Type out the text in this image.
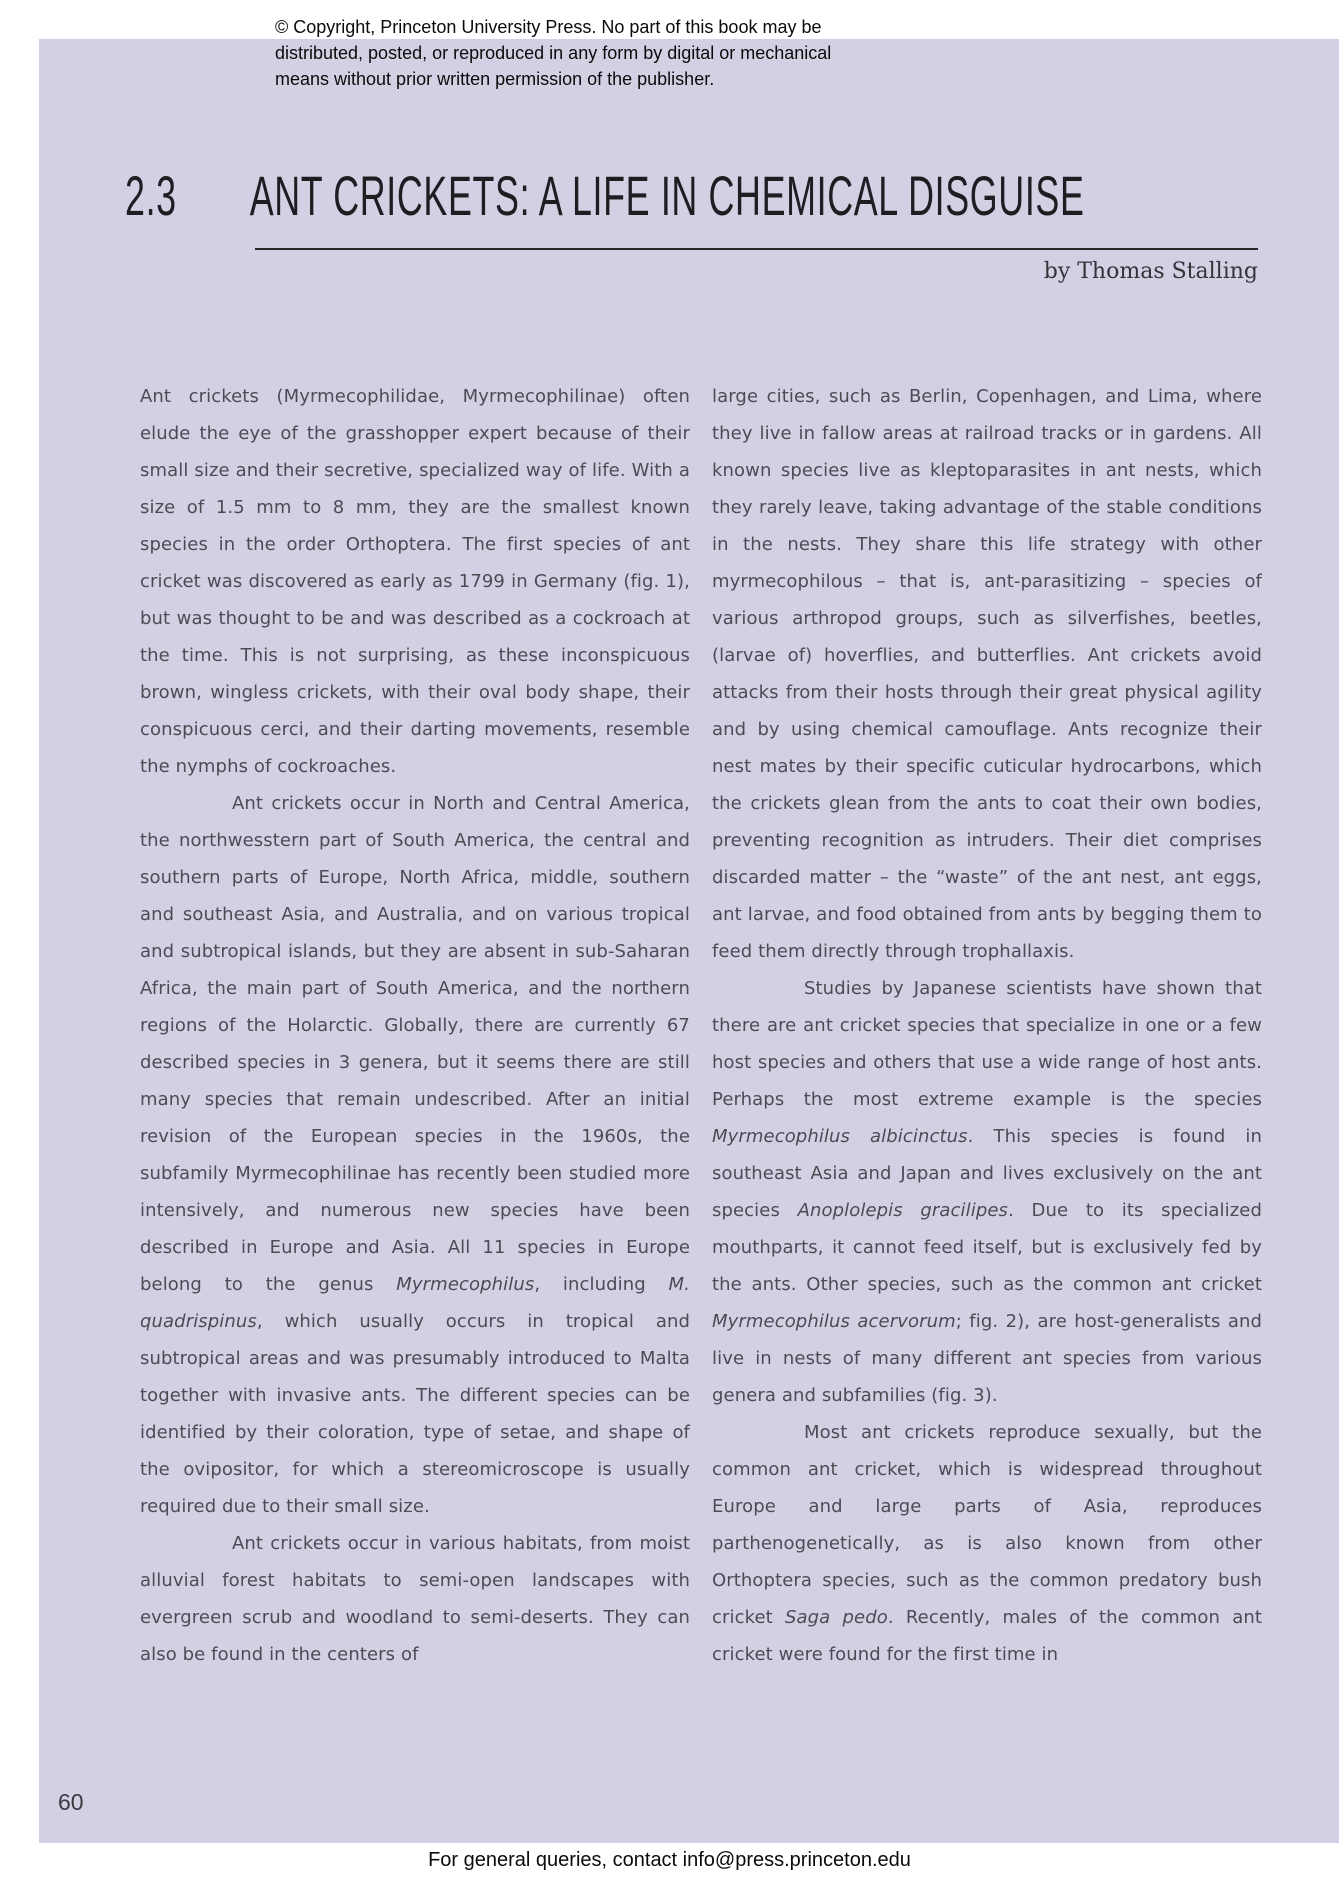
2.3 ANT CRICKETS: A LIFE IN CHEMICAL DISGUISE
by Thomas Stalling

Ant crickets (Myrmecophilidae, Myrmecophilinae) often elude the eye of the grasshopper expert because of their small size and their secretive, specialized way of life. With a size of 1.5 mm to 8 mm, they are the smallest known species in the order Orthoptera. The first species of ant cricket was discovered as early as 1799 in Germany (fig. 1), but was thought to be and was described as a cockroach at the time. This is not surprising, as these inconspicuous brown, wingless crickets, with their oval body shape, their conspicuous cerci, and their darting movements, resemble the nymphs of cockroaches.

Ant crickets occur in North and Central America, the northwesstern part of South America, the central and southern parts of Europe, North Africa, middle, southern and southeast Asia, and Australia, and on various tropical and subtropical islands, but they are absent in sub-Saharan Africa, the main part of South America, and the northern regions of the Holarctic. Globally, there are currently 67 described species in 3 genera, but it seems there are still many species that remain undescribed. After an initial revision of the European species in the 1960s, the subfamily Myrmecophilinae has recently been studied more intensively, and numerous new species have been described in Europe and Asia. All 11 species in Europe belong to the genus Myrmecophilus, including M. quadrispinus, which usually occurs in tropical and subtropical areas and was presumably introduced to Malta together with invasive ants. The different species can be identified by their coloration, type of setae, and shape of the ovipositor, for which a stereomicroscope is usually required due to their small size.

Ant crickets occur in various habitats, from moist alluvial forest habitats to semi-open landscapes with evergreen scrub and woodland to semi-deserts. They can also be found in the centers of

large cities, such as Berlin, Copenhagen, and Lima, where they live in fallow areas at railroad tracks or in gardens. All known species live as kleptoparasites in ant nests, which they rarely leave, taking advantage of the stable conditions in the nests. They share this life strategy with other myrmecophilous – that is, ant-parasitizing – species of various arthropod groups, such as silverfishes, beetles, (larvae of) hoverflies, and butterflies. Ant crickets avoid attacks from their hosts through their great physical agility and by using chemical camouflage. Ants recognize their nest mates by their specific cuticular hydrocarbons, which the crickets glean from the ants to coat their own bodies, preventing recognition as intruders. Their diet comprises discarded matter – the “waste” of the ant nest, ant eggs, ant larvae, and food obtained from ants by begging them to feed them directly through trophallaxis.

Studies by Japanese scientists have shown that there are ant cricket species that specialize in one or a few host species and others that use a wide range of host ants. Perhaps the most extreme example is the species Myrmecophilus albicinctus. This species is found in southeast Asia and Japan and lives exclusively on the ant species Anoplolepis gracilipes. Due to its specialized mouthparts, it cannot feed itself, but is exclusively fed by the ants. Other species, such as the common ant cricket Myrmecophilus acervorum; fig. 2), are host-generalists and live in nests of many different ant species from various genera and subfamilies (fig. 3).

Most ant crickets reproduce sexually, but the common ant cricket, which is widespread throughout Europe and large parts of Asia, reproduces parthenogenetically, as is also known from other Orthoptera species, such as the common predatory bush cricket Saga pedo. Recently, males of the common ant cricket were found for the first time in

60
© Copyright, Princeton University Press. No part of this book may be
distributed, posted, or reproduced in any form by digital or mechanical
means without prior written permission of the publisher.
For general queries, contact info@press.princeton.edu
